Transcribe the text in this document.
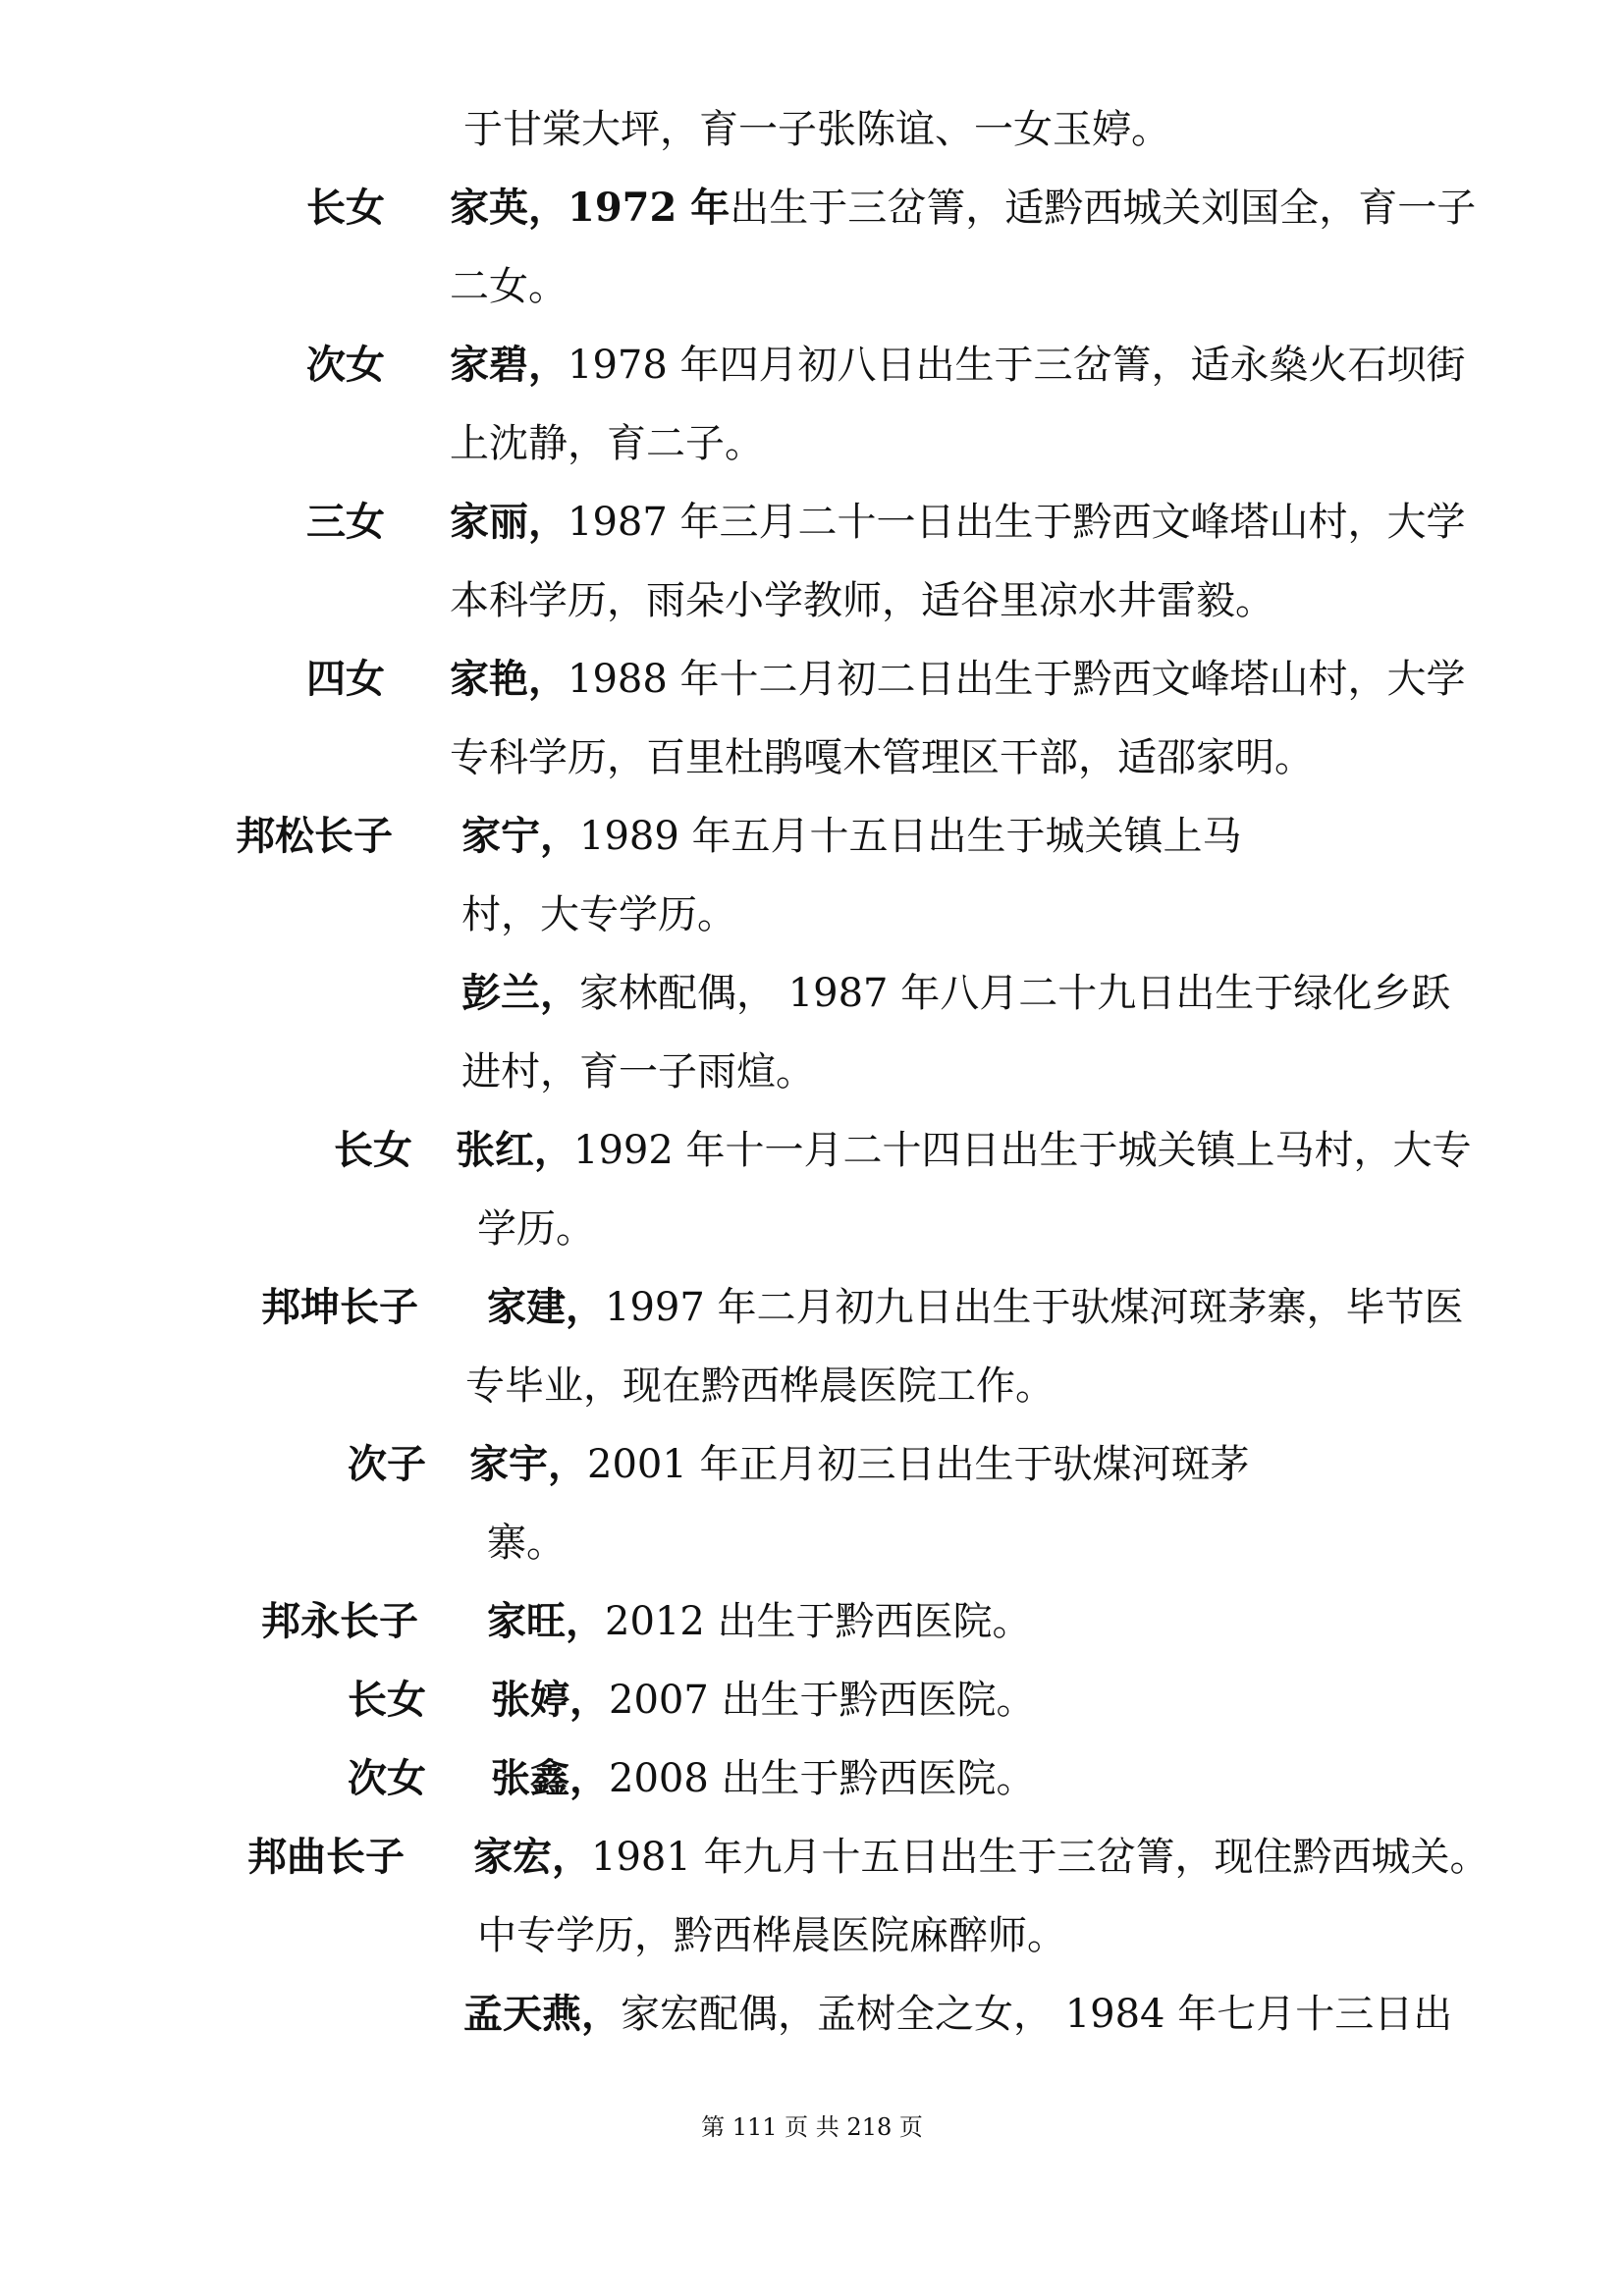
于甘棠大坪，育一子张陈谊、一女玉婷。
长女 家英，1972 年出生于三岔箐，适黔西城关刘国全，育一子
二女。
次女 家碧，1978 年四月初八日出生于三岔箐，适永燊火石坝街
上沈静，育二子。
三女 家丽，1987 年三月二十一日出生于黔西文峰塔山村，大学
本科学历，雨朵小学教师，适谷里凉水井雷毅。
四女 家艳，1988 年十二月初二日出生于黔西文峰塔山村，大学
专科学历，百里杜鹃嘎木管理区干部，适邵家明。
邦松长子 家宁，1989 年五月十五日出生于城关镇上马
村，大专学历。
彭兰，家林配偶， 1987 年八月二十九日出生于绿化乡跃
进村，育一子雨煊。
长女 张红，1992 年十一月二十四日出生于城关镇上马村，大专
学历。
邦坤长子 家建，1997 年二月初九日出生于驮煤河斑茅寨，毕节医
专毕业，现在黔西桦晨医院工作。
次子 家宇，2001 年正月初三日出生于驮煤河斑茅
寨。
邦永长子 家旺，2012 出生于黔西医院。
长女 张婷，2007 出生于黔西医院。
次女 张鑫，2008 出生于黔西医院。
邦曲长子 家宏，1981 年九月十五日出生于三岔箐，现住黔西城关。
中专学历，黔西桦晨医院麻醉师。
孟天燕，家宏配偶，孟树全之女， 1984 年七月十三日出
第 111 页 共 218 页
